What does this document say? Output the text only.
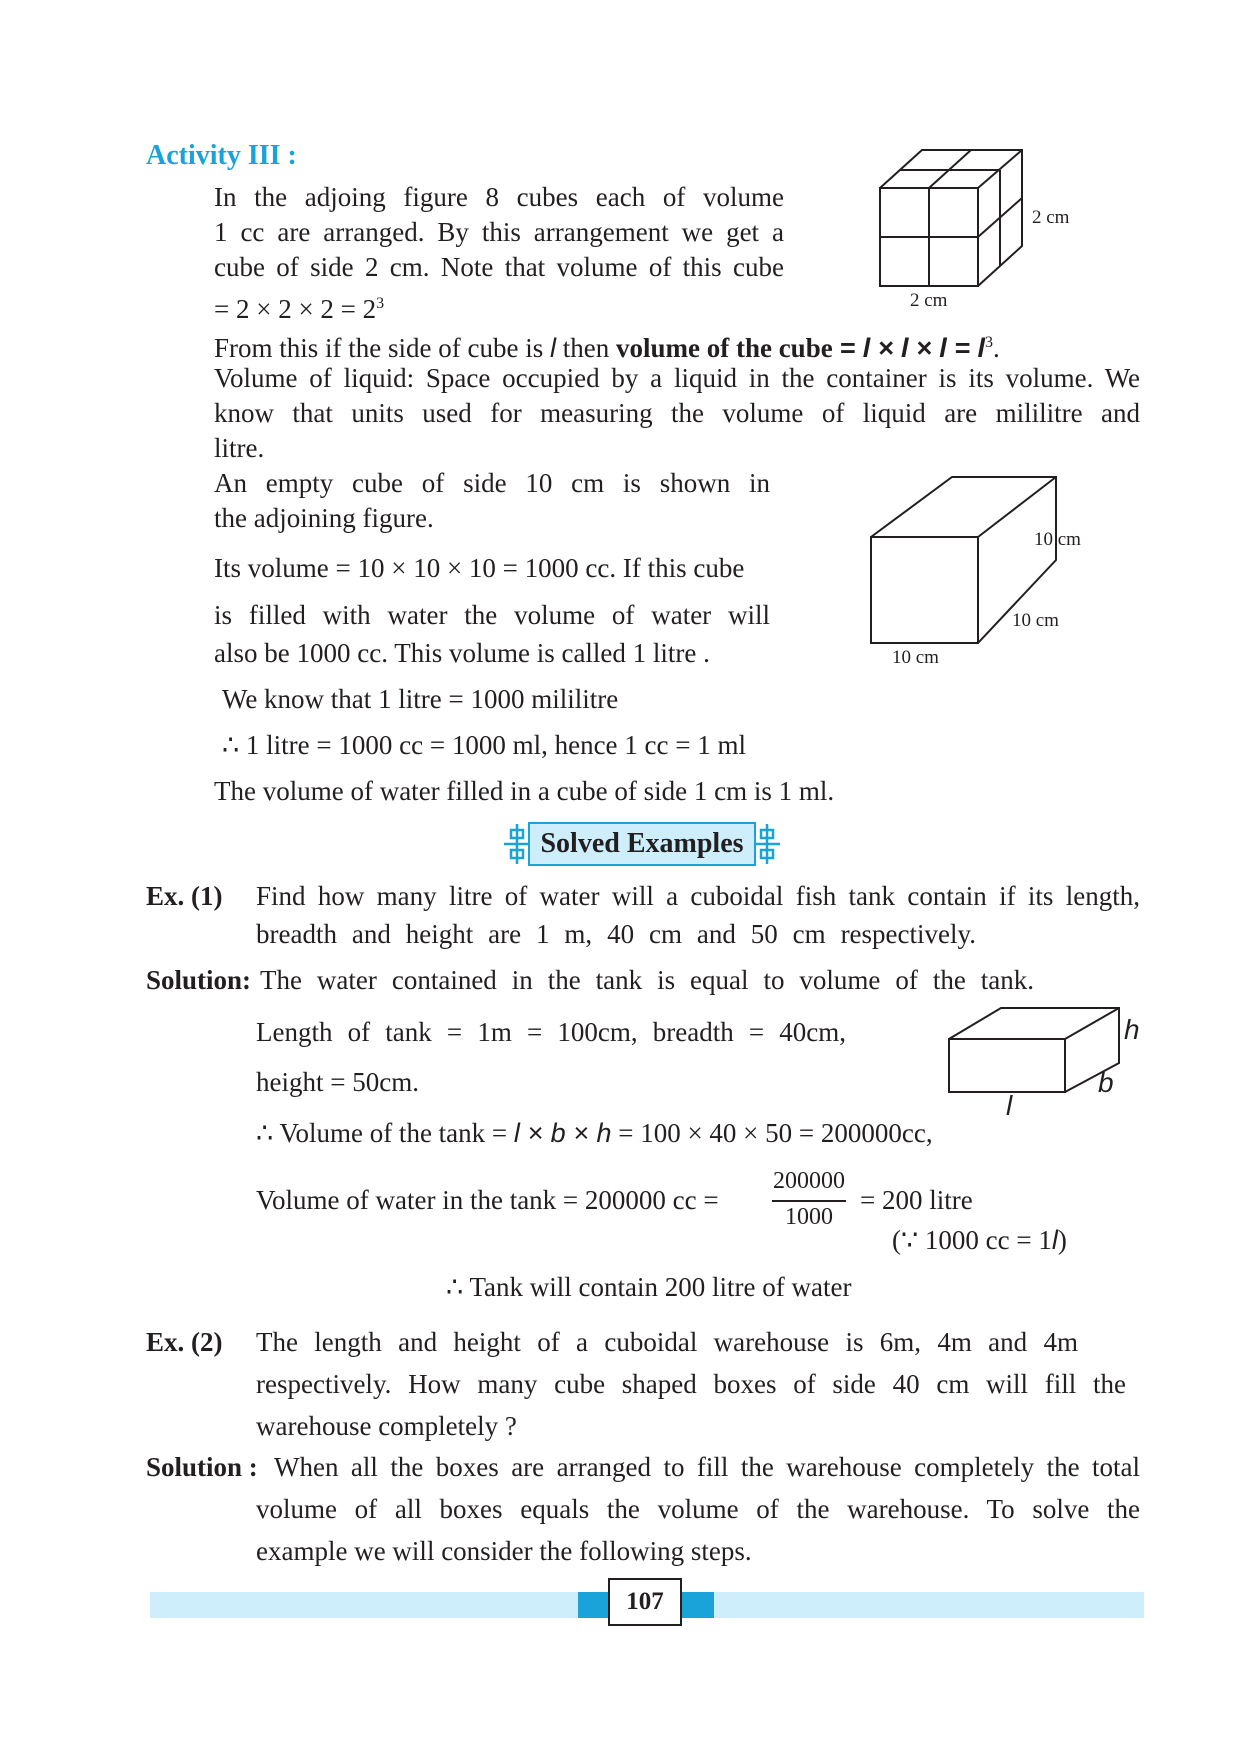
Activity III :
In the adjoing figure 8 cubes each of volume
1 cc are arranged. By this arrangement we get a
cube of side 2 cm. Note that volume of this cube
= $2 \times 2 \times 2 = 2^3$
From this if the side of cube is l then volume of the cube = $l \times l \times l = l^3$.
Volume of liquid: Space occupied by a liquid in the container is its volume. We
know that units used for measuring the volume of liquid are mililitre and
litre.
An empty cube of side 10 cm is shown in
the adjoining figure.
Its volume = 10 × 10 × 10 = 1000 cc. If this cube
is filled with water the volume of water will
also be 1000 cc. This volume is called 1 litre .
We know that 1 litre = 1000 mililitre
∴ 1 litre = 1000 cc = 1000 ml, hence 1 cc = 1 ml
The volume of water filled in a cube of side 1 cm is 1 ml.
2 cm
2 cm
10 cm
10 cm
10 cm
Solved Examples
Ex. (1) Find how many litre of water will a cuboidal fish tank contain if its length,
breadth and height are 1 m, 40 cm and 50 cm respectively.
Solution: The water contained in the tank is equal to volume of the tank.
Length of tank = 1m = 100cm, breadth = 40cm,
height = 50cm.
∴ Volume of the tank = l × b × h = 100 × 40 × 50 = 200000cc,
Volume of water in the tank = 200000 cc =
200000
1000
= 200 litre
(∵ 1000 cc = 1l)
∴ Tank will contain 200 litre of water
h
b
l
Ex. (2) The length and height of a cuboidal warehouse is 6m, 4m and 4m
respectively. How many cube shaped boxes of side 40 cm will fill the
warehouse completely ?
Solution : When all the boxes are arranged to fill the warehouse completely the total
volume of all boxes equals the volume of the warehouse. To solve the
example we will consider the following steps.
107
